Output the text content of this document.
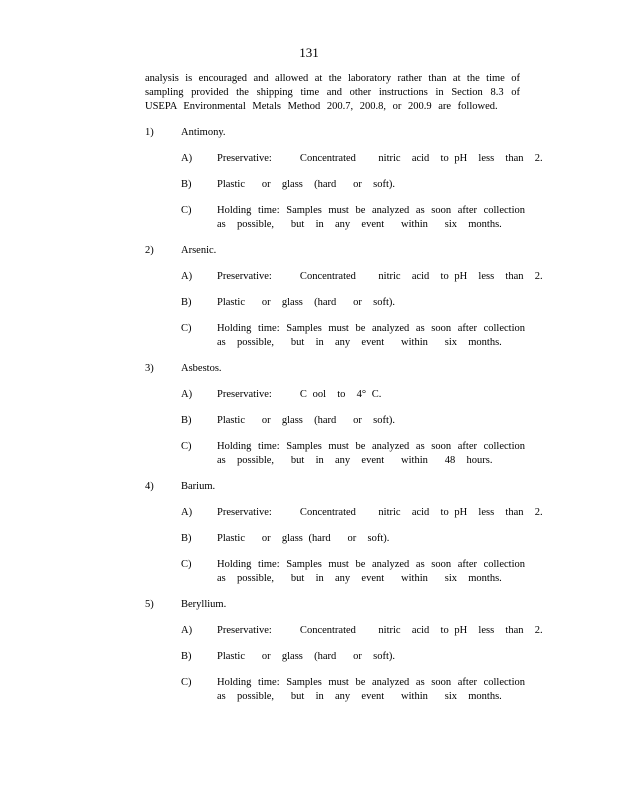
131
analysis is encouraged and allowed at the laboratory rather than at the time of
sampling provided the shipping time and other instructions in Section 8.3 of
USEPA Environmental Metals Method 200.7, 200.8, or 200.9 are followed.
1)	Antimony.
A) Preservative:     Concentrated    nitric  acid  to pH  less  than  2.
B) Plastic   or  glass  (hard   or  soft).
C) Holding time: Samples must be analyzed as soon after collection
as  possible,   but  in  any  event   within   six  months.
2)	Arsenic.
A) Preservative:     Concentrated    nitric  acid  to pH  less  than  2.
B) Plastic   or  glass  (hard   or  soft).
C) Holding time: Samples must be analyzed as soon after collection
as  possible,   but  in  any  event   within   six  months.
3)	Asbestos.
A) Preservative:     C ool  to  4° C.
B) Plastic   or  glass  (hard   or  soft).
C) Holding time: Samples must be analyzed as soon after collection
as  possible,   but  in  any  event   within   48  hours.
4)	Barium.
A) Preservative:     Concentrated    nitric  acid  to pH  less  than  2.
B) Plastic   or  glass (hard   or  soft).
C) Holding time: Samples must be analyzed as soon after collection
as  possible,   but  in  any  event   within   six  months.
5)	Beryllium.
A) Preservative:     Concentrated    nitric  acid  to pH  less  than  2.
B) Plastic   or  glass  (hard   or  soft).
C) Holding time: Samples must be analyzed as soon after collection
as  possible,   but  in  any  event   within   six  months.
